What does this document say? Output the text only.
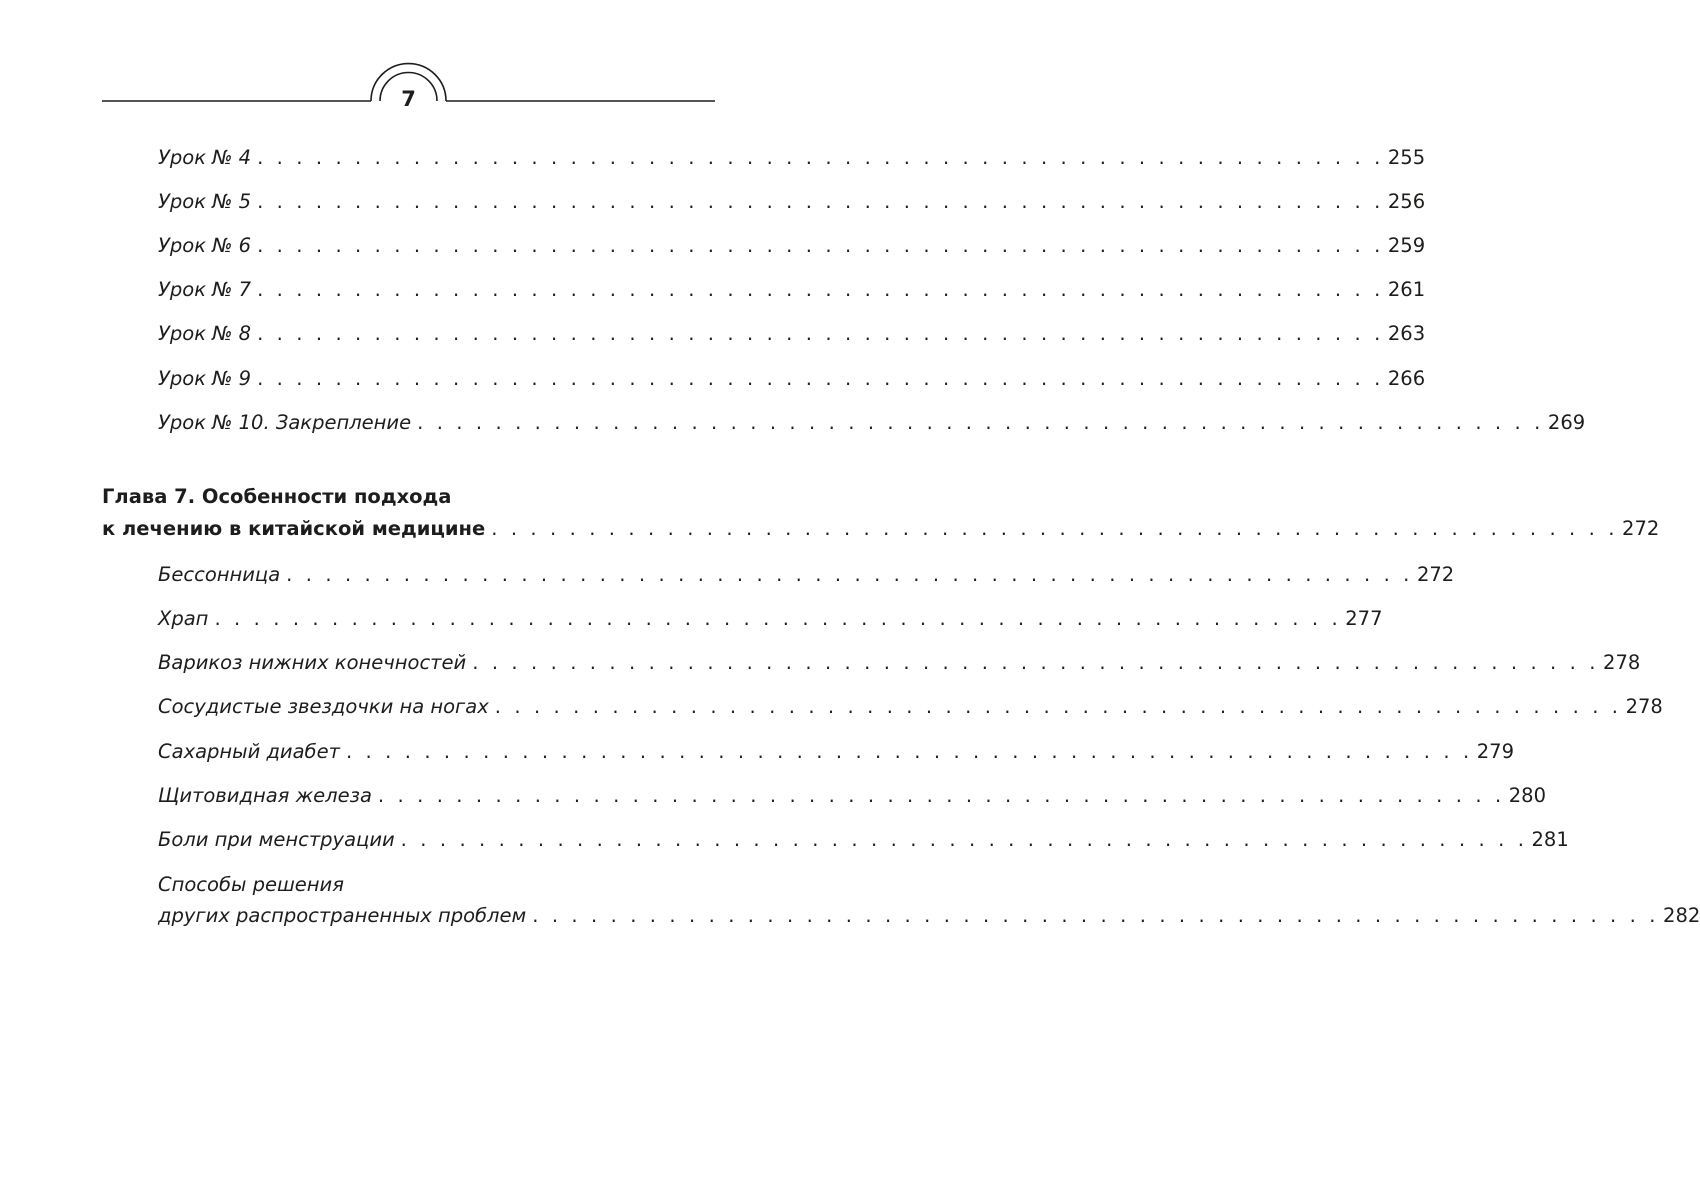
7
Урок № 4 . . . . . . . . . . . . . . . . . . . . . . . . . . . . . . . . . . . . . . . . . . . . . . . . . . . . . . . . . . 255
Урок № 5 . . . . . . . . . . . . . . . . . . . . . . . . . . . . . . . . . . . . . . . . . . . . . . . . . . . . . . . . . . 256
Урок № 6 . . . . . . . . . . . . . . . . . . . . . . . . . . . . . . . . . . . . . . . . . . . . . . . . . . . . . . . . . . 259
Урок № 7 . . . . . . . . . . . . . . . . . . . . . . . . . . . . . . . . . . . . . . . . . . . . . . . . . . . . . . . . . . 261
Урок № 8 . . . . . . . . . . . . . . . . . . . . . . . . . . . . . . . . . . . . . . . . . . . . . . . . . . . . . . . . . . 263
Урок № 9 . . . . . . . . . . . . . . . . . . . . . . . . . . . . . . . . . . . . . . . . . . . . . . . . . . . . . . . . . . 266
Урок № 10. Закрепление . . . . . . . . . . . . . . . . . . . . . . . . . . . . . . . . . . . . . . . . . . . . . . . . . . . . . . . . . . 269
Глава 7. Особенности подхода
к лечению в китайской медицине . . . . . . . . . . . . . . . . . . . . . . . . . . . . . . . . . . . . . . . . . . . . . . . . . . . . . . . . . . 272
Бессонница . . . . . . . . . . . . . . . . . . . . . . . . . . . . . . . . . . . . . . . . . . . . . . . . . . . . . . . . . . 272
Храп . . . . . . . . . . . . . . . . . . . . . . . . . . . . . . . . . . . . . . . . . . . . . . . . . . . . . . . . . . 277
Варикоз нижних конечностей . . . . . . . . . . . . . . . . . . . . . . . . . . . . . . . . . . . . . . . . . . . . . . . . . . . . . . . . . . 278
Сосудистые звездочки на ногах . . . . . . . . . . . . . . . . . . . . . . . . . . . . . . . . . . . . . . . . . . . . . . . . . . . . . . . . . . 278
Сахарный диабет . . . . . . . . . . . . . . . . . . . . . . . . . . . . . . . . . . . . . . . . . . . . . . . . . . . . . . . . . . 279
Щитовидная железа . . . . . . . . . . . . . . . . . . . . . . . . . . . . . . . . . . . . . . . . . . . . . . . . . . . . . . . . . . 280
Боли при менструации . . . . . . . . . . . . . . . . . . . . . . . . . . . . . . . . . . . . . . . . . . . . . . . . . . . . . . . . . . 281
Способы решения
других распространенных проблем . . . . . . . . . . . . . . . . . . . . . . . . . . . . . . . . . . . . . . . . . . . . . . . . . . . . . . . . . . 282
